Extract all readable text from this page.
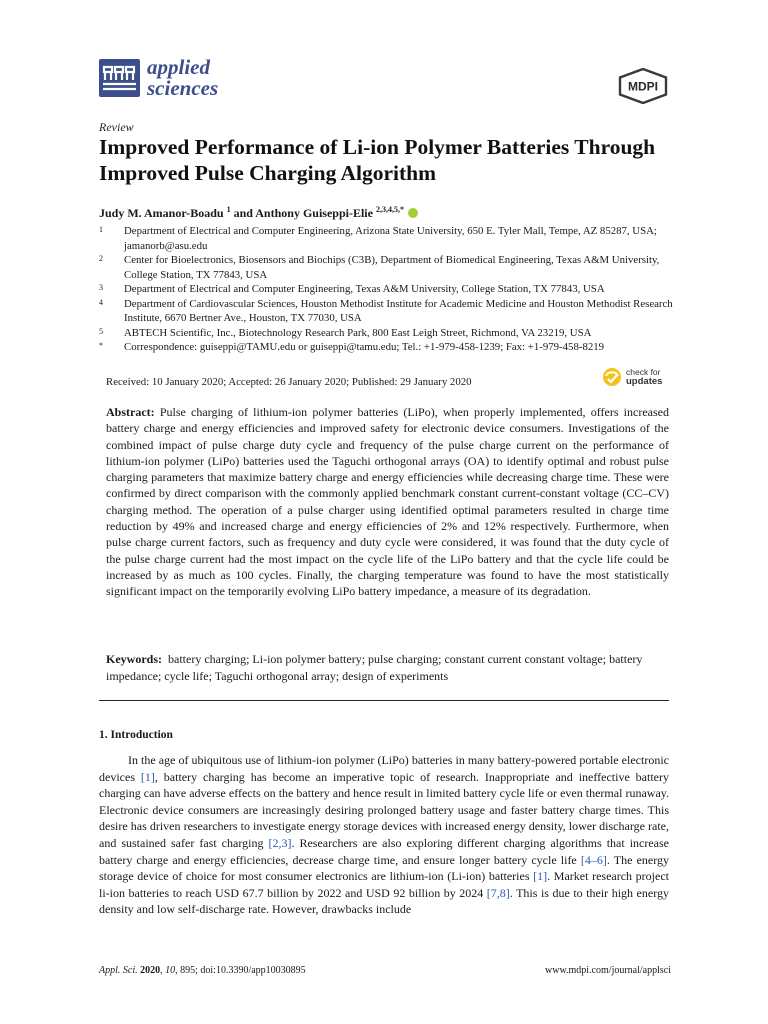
applied
sciences	MDPI
Review
Improved Performance of Li-ion Polymer Batteries Through Improved Pulse Charging Algorithm
Judy M. Amanor-Boadu $^1$ and Anthony Guiseppi-Elie $^{2,3,4,5,*}$
1	Department of Electrical and Computer Engineering, Arizona State University, 650 E. Tyler Mall, Tempe, AZ 85287, USA; jamanorb@asu.edu
2	Center for Bioelectronics, Biosensors and Biochips (C3B), Department of Biomedical Engineering, Texas A&M University, College Station, TX 77843, USA
3	Department of Electrical and Computer Engineering, Texas A&M University, College Station, TX 77843, USA
4	Department of Cardiovascular Sciences, Houston Methodist Institute for Academic Medicine and Houston Methodist Research Institute, 6670 Bertner Ave., Houston, TX 77030, USA
5	ABTECH Scientific, Inc., Biotechnology Research Park, 800 East Leigh Street, Richmond, VA 23219, USA
*	Correspondence: guiseppi@TAMU.edu or guiseppi@tamu.edu; Tel.: +1-979-458-1239; Fax: +1-979-458-8219
Received: 10 January 2020; Accepted: 26 January 2020; Published: 29 January 2020
check for
updates
Abstract: Pulse charging of lithium-ion polymer batteries (LiPo), when properly implemented, offers increased battery charge and energy efficiencies and improved safety for electronic device consumers. Investigations of the combined impact of pulse charge duty cycle and frequency of the pulse charge current on the performance of lithium-ion polymer (LiPo) batteries used the Taguchi orthogonal arrays (OA) to identify optimal and robust pulse charging parameters that maximize battery charge and energy efficiencies while decreasing charge time. These were confirmed by direct comparison with the commonly applied benchmark constant current-constant voltage (CC–CV) charging method. The operation of a pulse charger using identified optimal parameters resulted in charge time reduction by 49% and increased charge and energy efficiencies of 2% and 12% respectively. Furthermore, when pulse charge current factors, such as frequency and duty cycle were considered, it was found that the duty cycle of the pulse charge current had the most impact on the cycle life of the LiPo battery and that the cycle life could be increased by as much as 100 cycles. Finally, the charging temperature was found to have the most statistically significant impact on the temporarily evolving LiPo battery impedance, a measure of its degradation.
Keywords: battery charging; Li-ion polymer battery; pulse charging; constant current constant voltage; battery impedance; cycle life; Taguchi orthogonal array; design of experiments
1. Introduction
In the age of ubiquitous use of lithium-ion polymer (LiPo) batteries in many battery-powered portable electronic devices [1], battery charging has become an imperative topic of research. Inappropriate and ineffective battery charging can have adverse effects on the battery and hence result in limited battery cycle life or even thermal runaway. Electronic device consumers are increasingly desiring prolonged battery usage and faster battery charge times. This desire has driven researchers to investigate energy storage devices with increased energy density, lower discharge rate, and sustained safer fast charging [2,3]. Researchers are also exploring different charging algorithms that increase battery charge and energy efficiencies, decrease charge time, and ensure longer battery cycle life [4–6]. The energy storage device of choice for most consumer electronics are lithium-ion (Li-ion) batteries [1]. Market research project li-ion batteries to reach USD 67.7 billion by 2022 and USD 92 billion by 2024 [7,8]. This is due to their high energy density and low self-discharge rate. However, drawbacks include
Appl. Sci. 2020, 10, 895; doi:10.3390/app10030895	www.mdpi.com/journal/applsci
